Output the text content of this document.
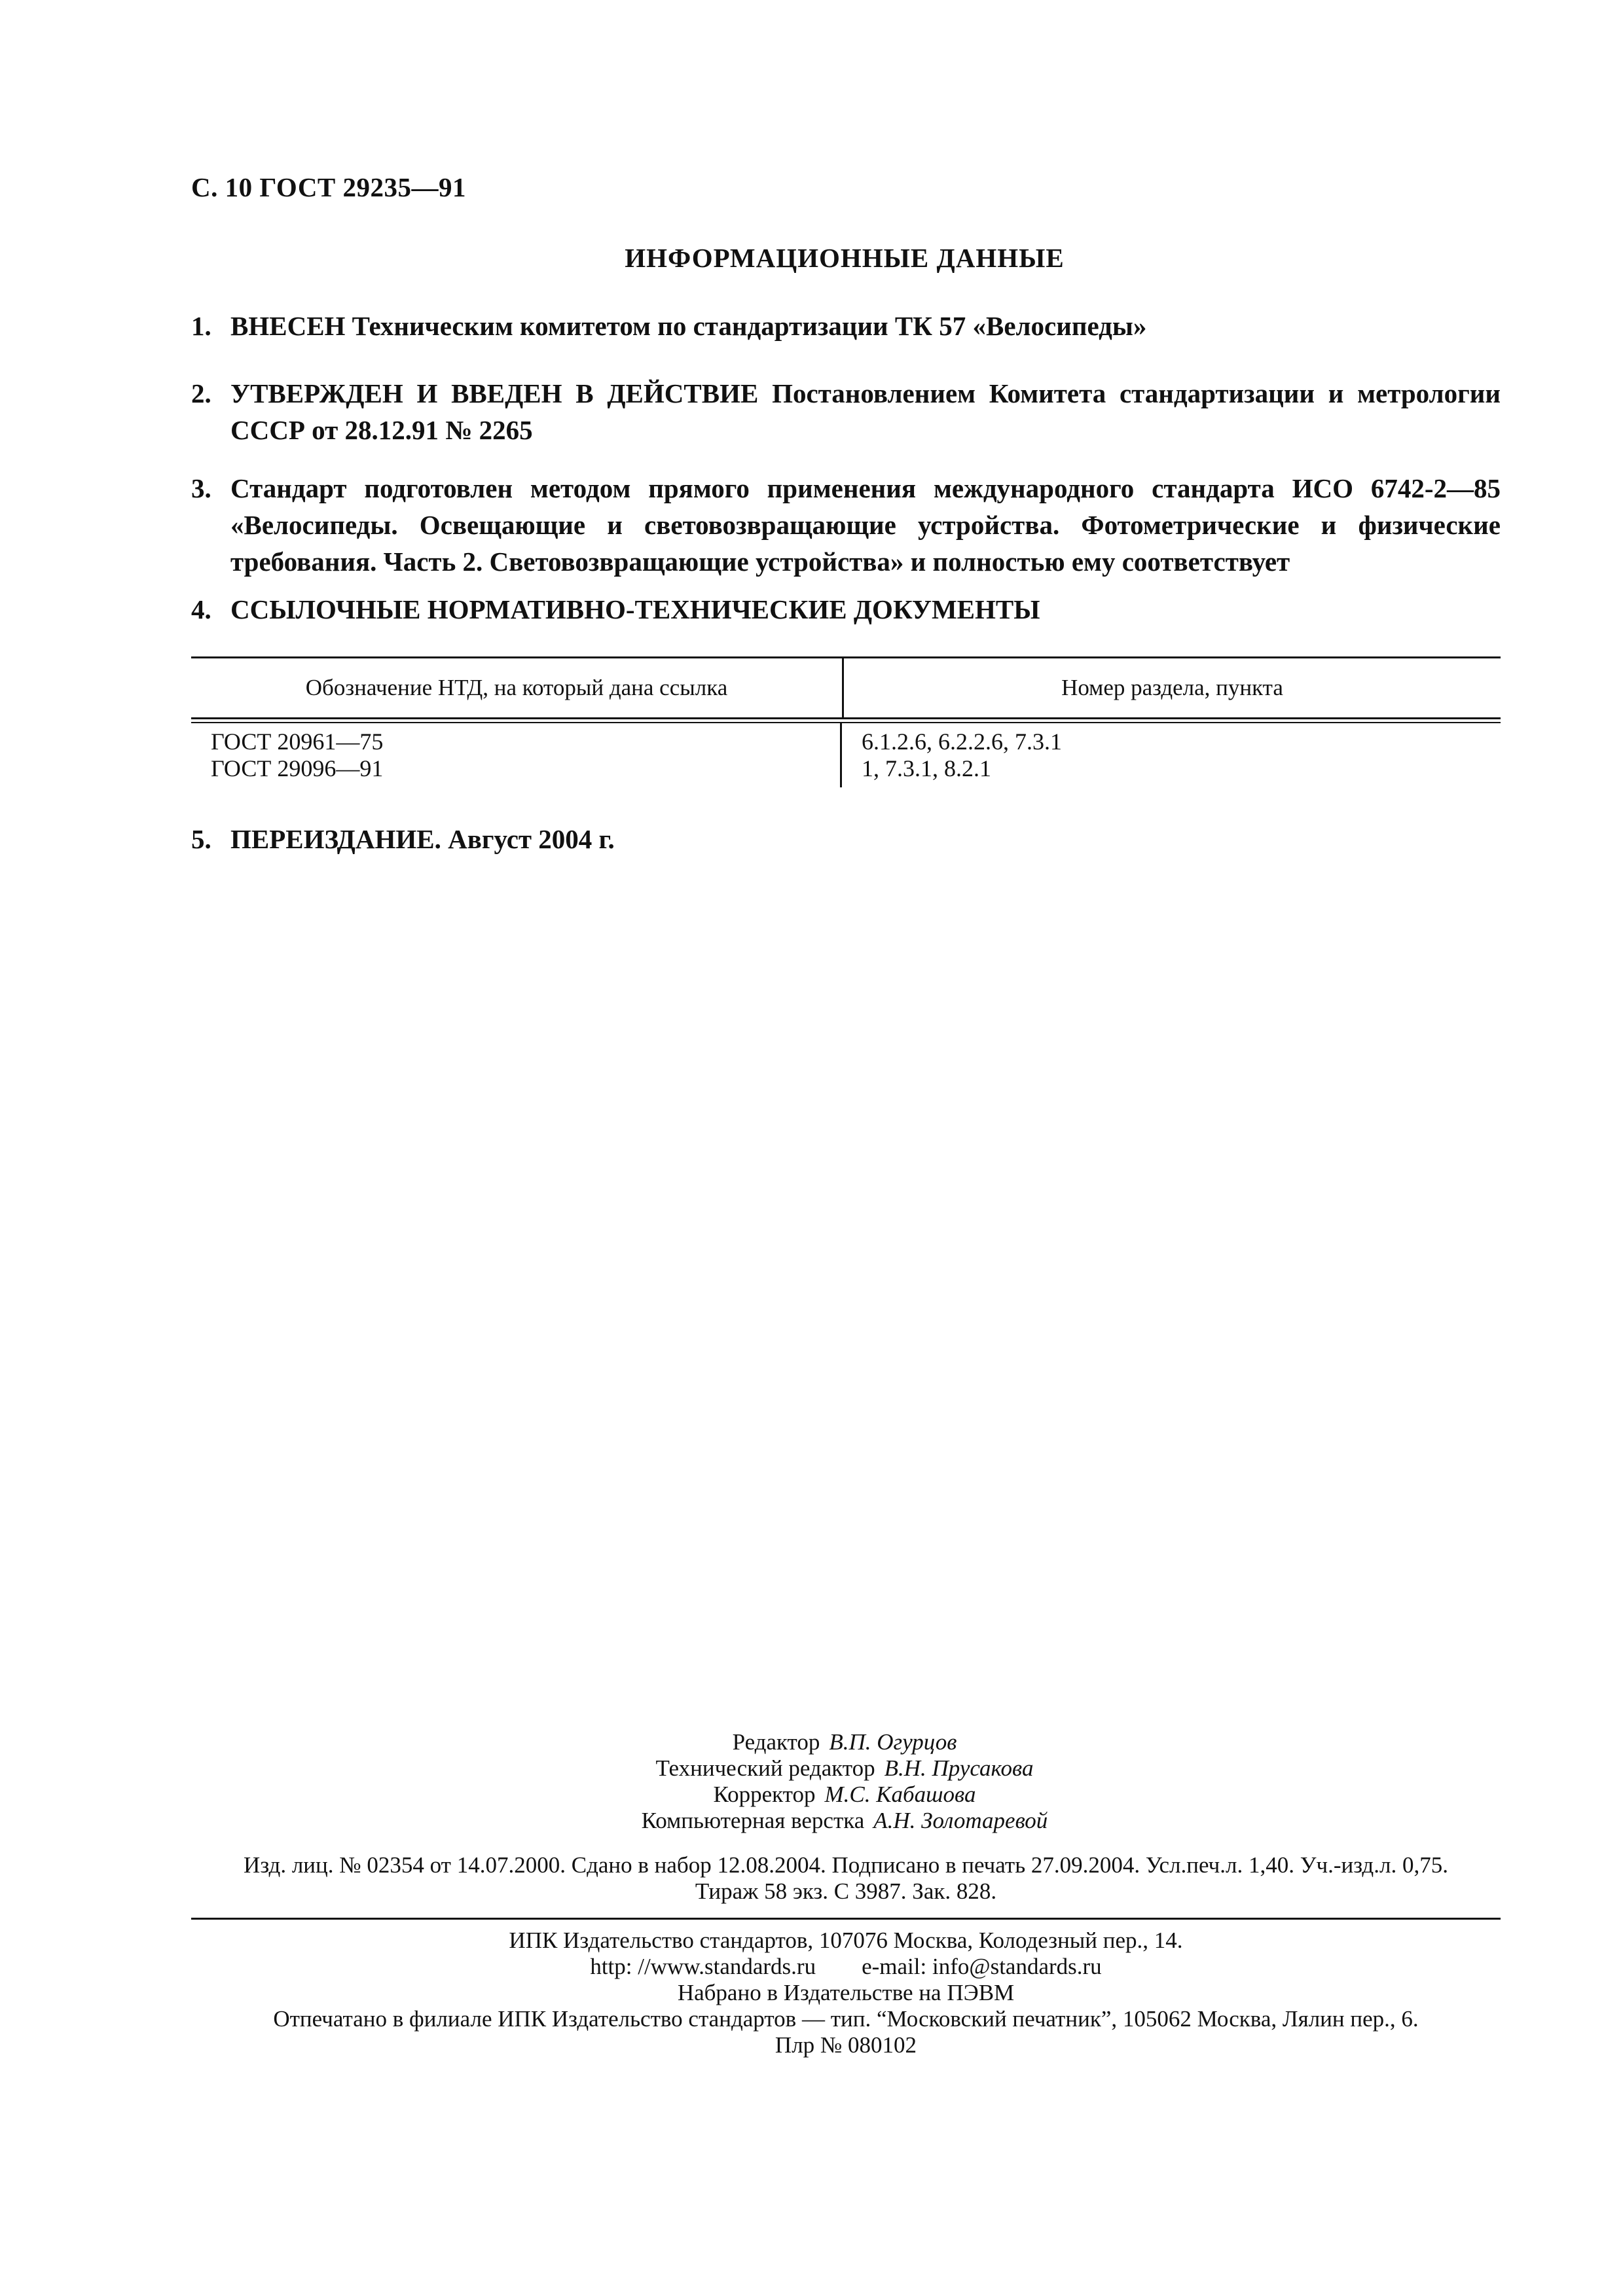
С. 10 ГОСТ 29235—91
ИНФОРМАЦИОННЫЕ ДАННЫЕ
1. ВНЕСЕН Техническим комитетом по стандартизации ТК 57 «Велосипеды»
2. УТВЕРЖДЕН И ВВЕДЕН В ДЕЙСТВИЕ Постановлением Комитета стандартизации и метрологии СССР от 28.12.91 № 2265
3. Стандарт подготовлен методом прямого применения международного стандарта ИСО 6742-2—85 «Велосипеды. Освещающие и световозвращающие устройства. Фотометрические и физические требования. Часть 2. Световозвращающие устройства» и полностью ему соответствует
4. ССЫЛОЧНЫЕ НОРМАТИВНО-ТЕХНИЧЕСКИЕ ДОКУМЕНТЫ
Обозначение НТД, на который дана ссылка	Номер раздела, пункта
ГОСТ 20961—75
ГОСТ 29096—91
6.1.2.6, 6.2.2.6, 7.3.1
1, 7.3.1, 8.2.1
5. ПЕРЕИЗДАНИЕ. Август 2004 г.
Редактор В.П. Огурцов
Технический редактор В.Н. Прусакова
Корректор М.С. Кабашова
Компьютерная верстка А.Н. Золотаревой
Изд. лиц. № 02354 от 14.07.2000. Сдано в набор 12.08.2004. Подписано в печать 27.09.2004. Усл.печ.л. 1,40. Уч.-изд.л. 0,75.
Тираж 58 экз. С 3987. Зак. 828.
ИПК Издательство стандартов, 107076 Москва, Колодезный пер., 14.
http: //www.standards.ru e-mail: info@standards.ru
Набрано в Издательстве на ПЭВМ
Отпечатано в филиале ИПК Издательство стандартов — тип. “Московский печатник”, 105062 Москва, Лялин пер., 6.
Плр № 080102
